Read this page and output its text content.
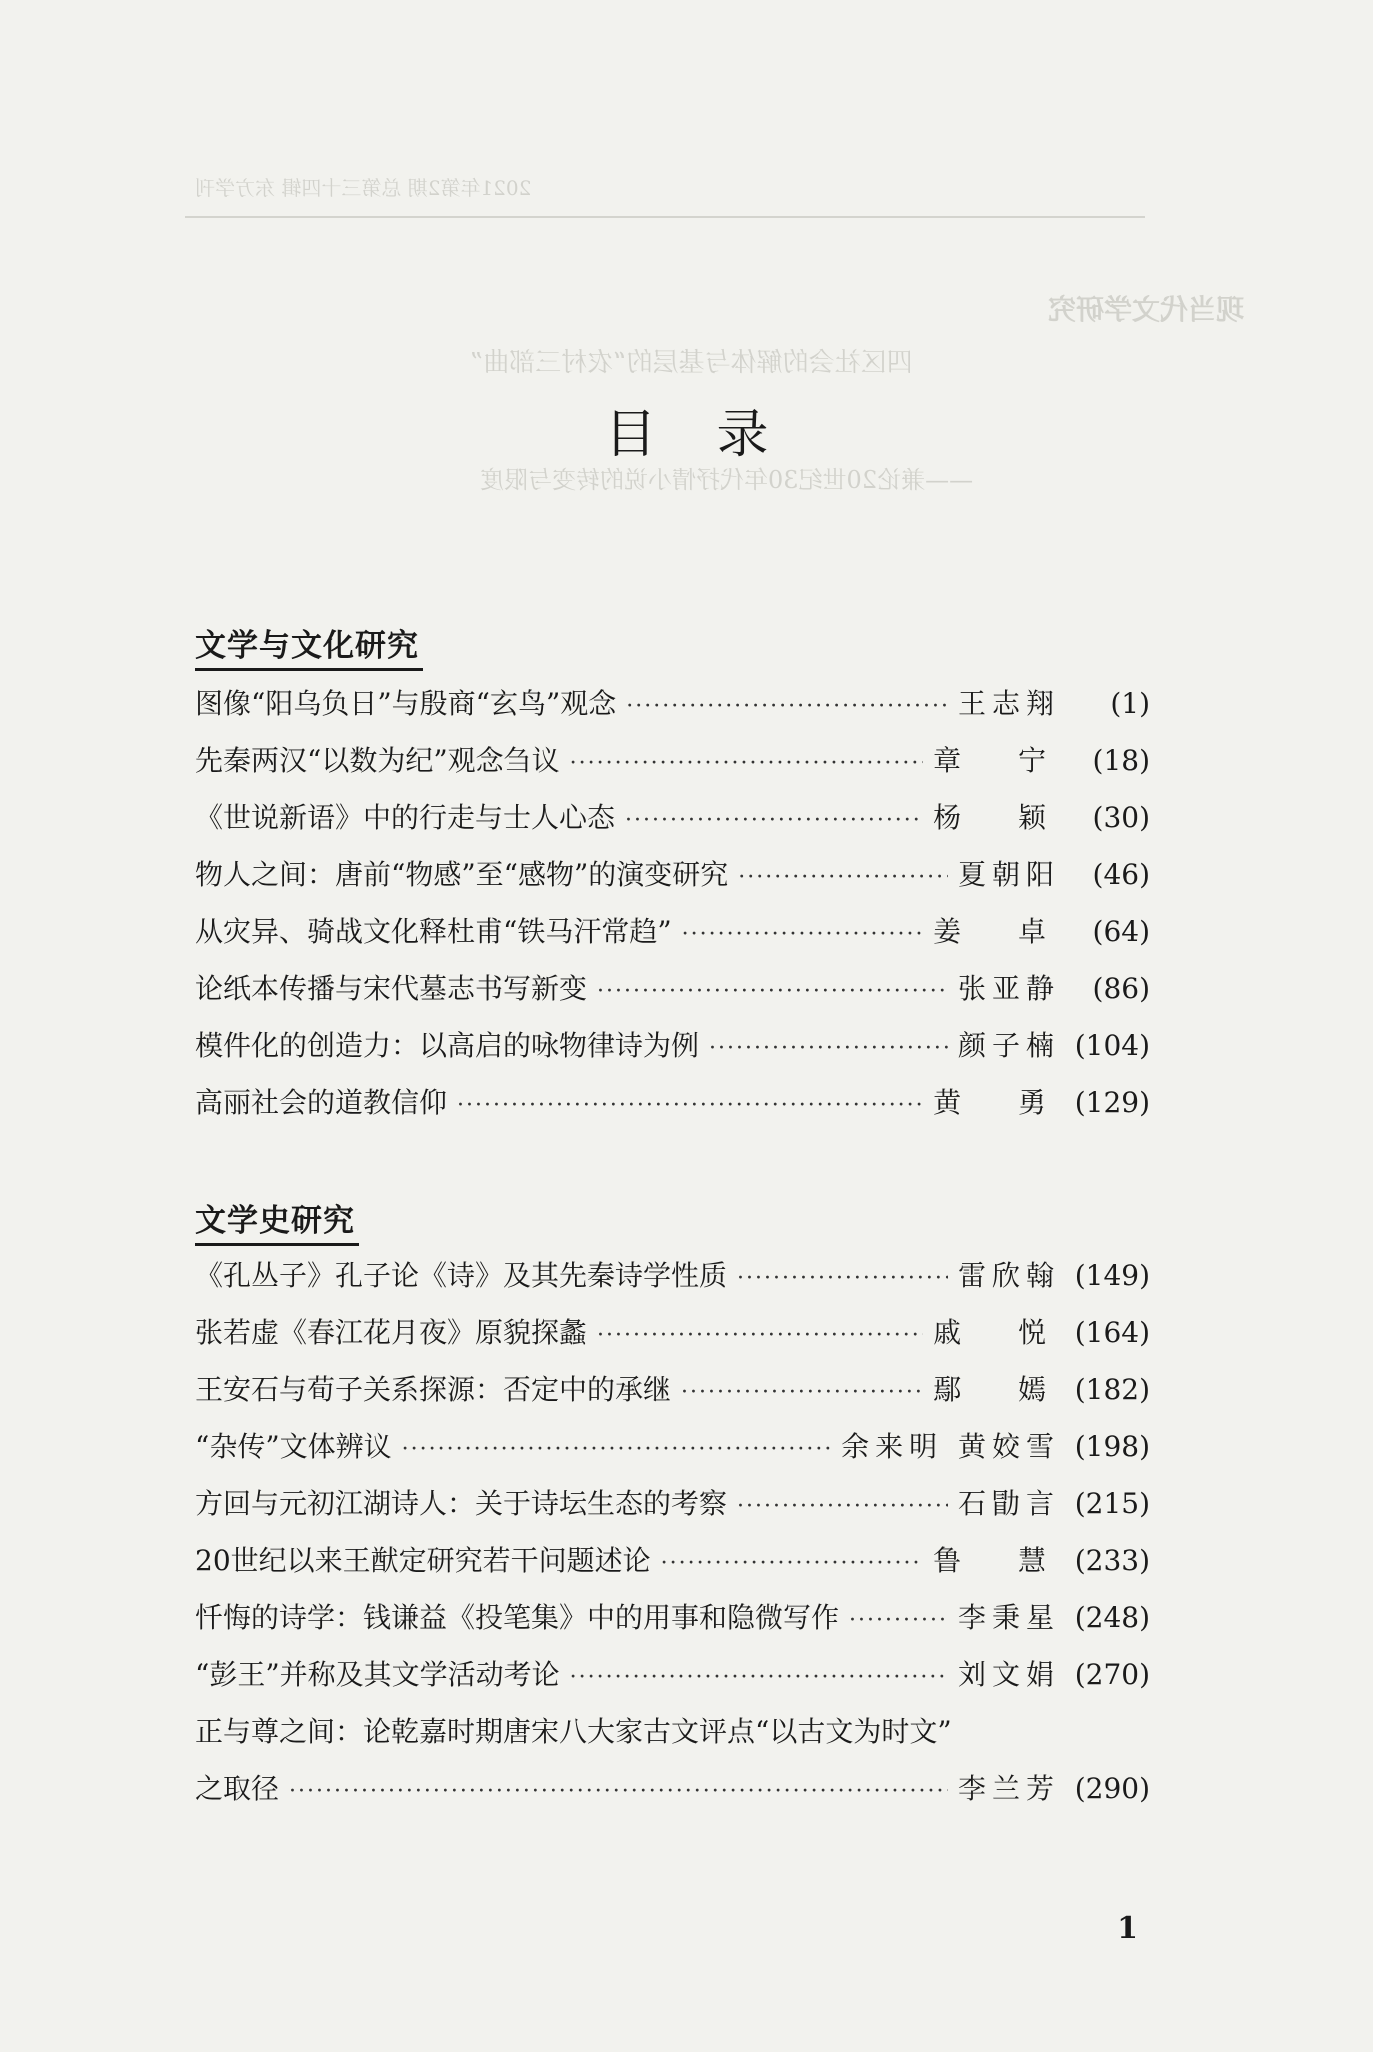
2021年第2期 总第三十四辑 东方学刊
现当代文学研究
四区社会的解体与基层的“农村三部曲”
——兼论20世纪30年代抒情小说的转变与限度
目录
文学与文化研究
图像“阳乌负日”与殷商“玄鸟”观念 ·····	王志翔	(1)
先秦两汉“以数为纪”观念刍议 ·····	章 宁 (18)
《世说新语》中的行走与士人心态 ·····	杨 颖 (30)
物人之间：唐前“物感”至“感物”的演变研究 ·····	夏朝阳	(46)
从灾异、骑战文化释杜甫“铁马汗常趋” ·····	姜 卓 (64)
论纸本传播与宋代墓志书写新变 ·····	张亚静	(86)
模件化的创造力：以高启的咏物律诗为例 ·····	颜子楠 (104)
高丽社会的道教信仰 ·····	黄 勇 (129)
文学史研究
《孔丛子》孔子论《诗》及其先秦诗学性质 ·····	雷欣翰 (149)
张若虚《春江花月夜》原貌探蠡 ·····	戚 悦 (164)
王安石与荀子关系探源：否定中的承继 ·····	鄢 嫣 (182)
“杂传”文体辨议 ·····	余来明 黄姣雪 (198)
方回与元初江湖诗人：关于诗坛生态的考察 ·····	石勖言 (215)
20世纪以来王猷定研究若干问题述论 ·····	鲁 慧 (233)
忏悔的诗学：钱谦益《投笔集》中的用事和隐微写作 ·····	李秉星 (248)
“彭王”并称及其文学活动考论 ·····	刘文娟 (270)
正与尊之间：论乾嘉时期唐宋八大家古文评点“以古文为时文”
之取径 ·····	李兰芳 (290)
1
